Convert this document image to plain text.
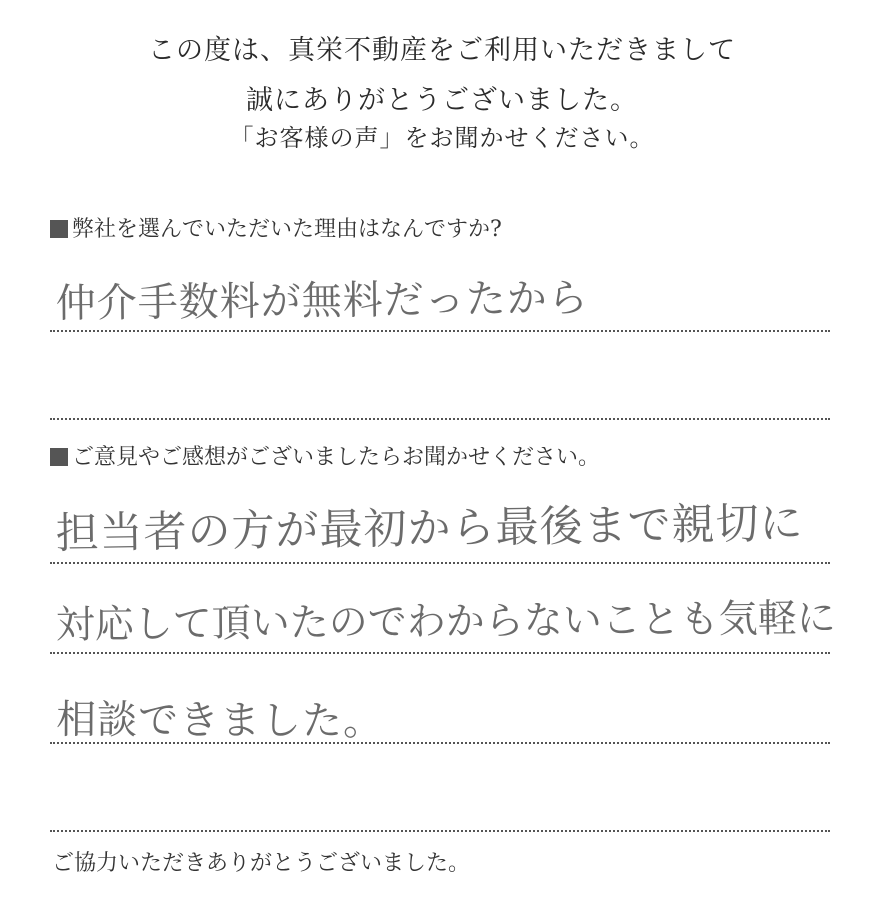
この度は、真栄不動産をご利用いただきまして
誠にありがとうございました。
「お客様の声」をお聞かせください。
弊社を選んでいただいた理由はなんですか?
仲介手数料が無料だったから
ご意見やご感想がございましたらお聞かせください。
担当者の方が最初から最後まで親切に
対応して頂いたのでわからないことも気軽に
相談できました。
ご協力いただきありがとうございました。
